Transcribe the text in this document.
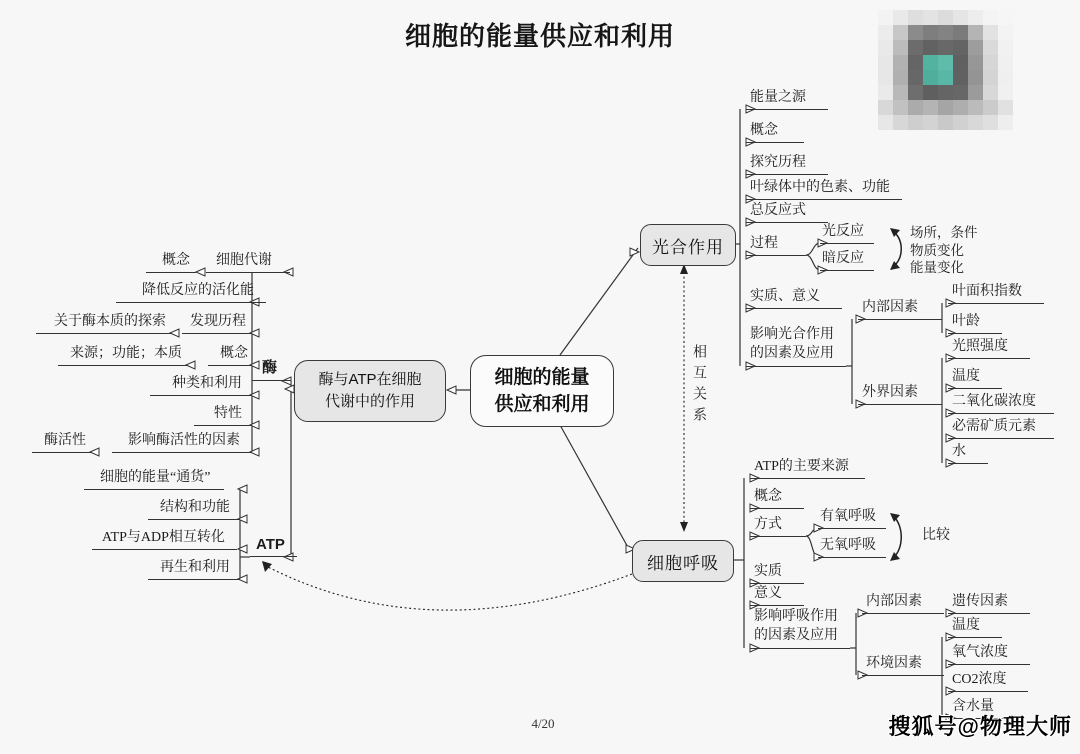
细胞的能量供应和利用
细胞的能量
供应和利用
酶与ATP在细胞
代谢中的作用
光合作用
细胞呼吸
相互关系
概念	细胞代谢
降低反应的活化能
关于酶本质的探索	发现历程
来源；功能；本质	概念
种类和利用
特性
酶活性	影响酶活性的因素
酶
细胞的能量“通货”
结构和功能
ATP与ADP相互转化
再生和利用
ATP
能量之源
概念
探究历程
叶绿体中的色素、功能
总反应式
过程
光反应
暗反应
场所，条件
物质变化
能量变化
实质、意义
影响光合作用
的因素及应用
内部因素
叶面积指数
叶龄
外界因素
光照强度
温度
二氧化碳浓度
必需矿质元素
水
ATP的主要来源
概念
方式
有氧呼吸
无氧呼吸
比较
实质
意义
影响呼吸作用
的因素及应用
内部因素	遗传因素
环境因素
温度
氧气浓度
CO2浓度
含水量
4/20	搜狐号@物理大师
